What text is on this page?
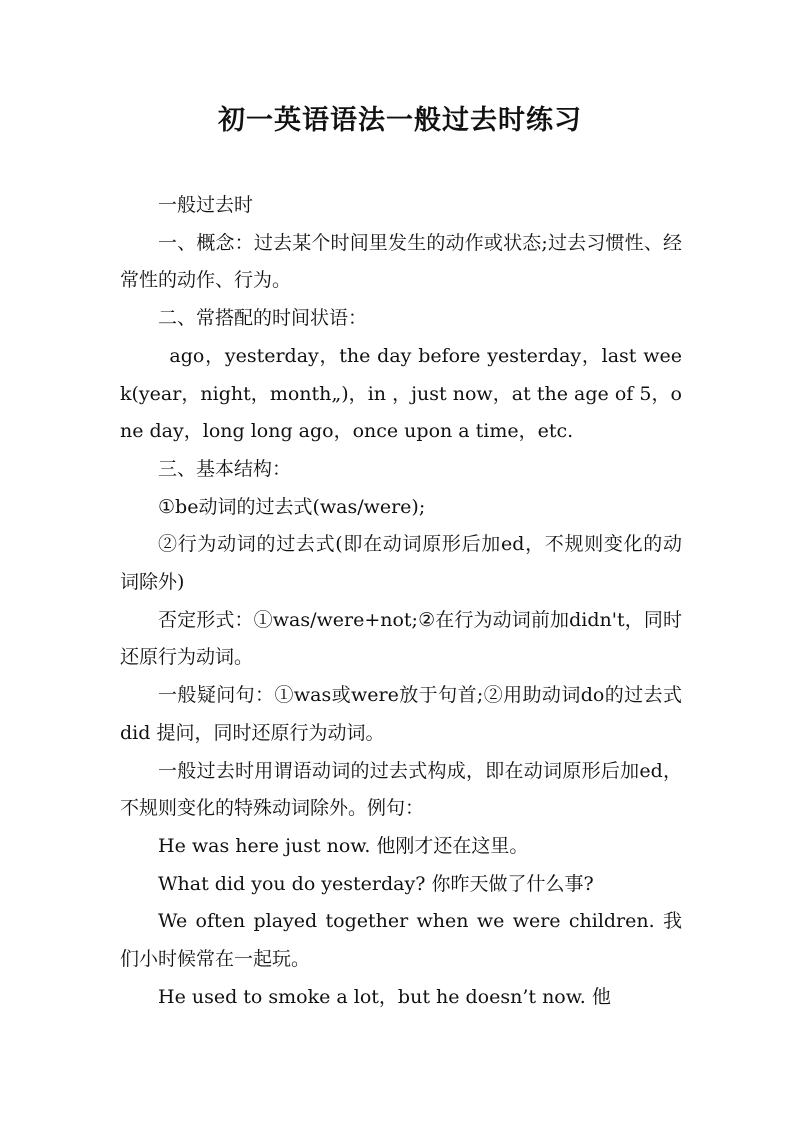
初一英语语法一般过去时练习

一般过去时

一、概念：过去某个时间里发生的动作或状态;过去习惯性、经常性的动作、行为。

二、常搭配的时间状语：

ago，yesterday，the day before yesterday，last week(year，night，month„)，in ，just now，at the age of 5，one day，long long ago，once upon a time，etc.

三、基本结构：

①be动词的过去式(was/were);

②行为动词的过去式(即在动词原形后加ed，不规则变化的动词除外)

否定形式：①was/were+not;②在行为动词前加didn't，同时还原行为动词。

一般疑问句：①was或were放于句首;②用助动词do的过去式did 提问，同时还原行为动词。

一般过去时用谓语动词的过去式构成，即在动词原形后加ed，不规则变化的特殊动词除外。例句：

He was here just now. 他刚才还在这里。

What did you do yesterday? 你昨天做了什么事?

We often played together when we were children. 我们小时候常在一起玩。

He used to smoke a lot，but he doesn’t now. 他
